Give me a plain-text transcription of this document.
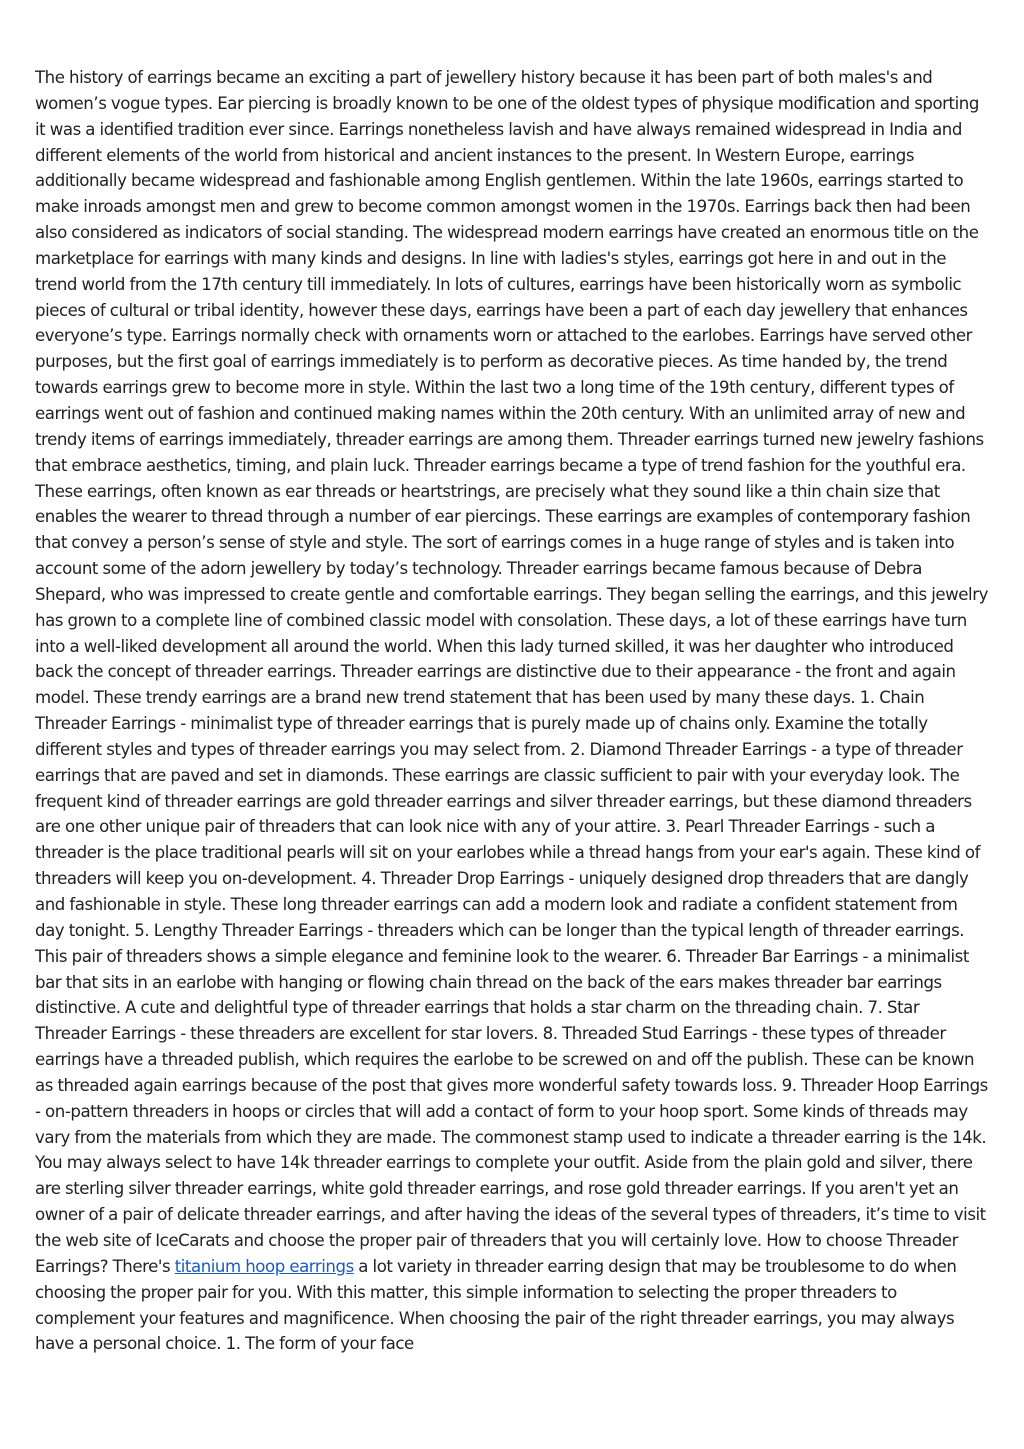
The history of earrings became an exciting a part of jewellery history because it has been part of both males's and women’s vogue types. Ear piercing is broadly known to be one of the oldest types of physique modification and sporting it was a identified tradition ever since. Earrings nonetheless lavish and have always remained widespread in India and different elements of the world from historical and ancient instances to the present. In Western Europe, earrings additionally became widespread and fashionable among English gentlemen. Within the late 1960s, earrings started to make inroads amongst men and grew to become common amongst women in the 1970s. Earrings back then had been also considered as indicators of social standing. The widespread modern earrings have created an enormous title on the marketplace for earrings with many kinds and designs. In line with ladies's styles, earrings got here in and out in the trend world from the 17th century till immediately. In lots of cultures, earrings have been historically worn as symbolic pieces of cultural or tribal identity, however these days, earrings have been a part of each day jewellery that enhances everyone’s type. Earrings normally check with ornaments worn or attached to the earlobes. Earrings have served other purposes, but the first goal of earrings immediately is to perform as decorative pieces. As time handed by, the trend towards earrings grew to become more in style. Within the last two a long time of the 19th century, different types of earrings went out of fashion and continued making names within the 20th century. With an unlimited array of new and trendy items of earrings immediately, threader earrings are among them. Threader earrings turned new jewelry fashions that embrace aesthetics, timing, and plain luck. Threader earrings became a type of trend fashion for the youthful era. These earrings, often known as ear threads or heartstrings, are precisely what they sound like a thin chain size that enables the wearer to thread through a number of ear piercings. These earrings are examples of contemporary fashion that convey a person’s sense of style and style. The sort of earrings comes in a huge range of styles and is taken into account some of the adorn jewellery by today’s technology. Threader earrings became famous because of Debra Shepard, who was impressed to create gentle and comfortable earrings. They began selling the earrings, and this jewelry has grown to a complete line of combined classic model with consolation. These days, a lot of these earrings have turn into a well-liked development all around the world. When this lady turned skilled, it was her daughter who introduced back the concept of threader earrings. Threader earrings are distinctive due to their appearance - the front and again model. These trendy earrings are a brand new trend statement that has been used by many these days. 1. Chain Threader Earrings - minimalist type of threader earrings that is purely made up of chains only. Examine the totally different styles and types of threader earrings you may select from. 2. Diamond Threader Earrings - a type of threader earrings that are paved and set in diamonds. These earrings are classic sufficient to pair with your everyday look. The frequent kind of threader earrings are gold threader earrings and silver threader earrings, but these diamond threaders are one other unique pair of threaders that can look nice with any of your attire. 3. Pearl Threader Earrings - such a threader is the place traditional pearls will sit on your earlobes while a thread hangs from your ear's again. These kind of threaders will keep you on-development. 4. Threader Drop Earrings - uniquely designed drop threaders that are dangly and fashionable in style. These long threader earrings can add a modern look and radiate a confident statement from day tonight. 5. Lengthy Threader Earrings - threaders which can be longer than the typical length of threader earrings. This pair of threaders shows a simple elegance and feminine look to the wearer. 6. Threader Bar Earrings - a minimalist bar that sits in an earlobe with hanging or flowing chain thread on the back of the ears makes threader bar earrings distinctive. A cute and delightful type of threader earrings that holds a star charm on the threading chain. 7. Star Threader Earrings - these threaders are excellent for star lovers. 8. Threaded Stud Earrings - these types of threader earrings have a threaded publish, which requires the earlobe to be screwed on and off the publish. These can be known as threaded again earrings because of the post that gives more wonderful safety towards loss. 9. Threader Hoop Earrings - on-pattern threaders in hoops or circles that will add a contact of form to your hoop sport. Some kinds of threads may vary from the materials from which they are made. The commonest stamp used to indicate a threader earring is the 14k. You may always select to have 14k threader earrings to complete your outfit. Aside from the plain gold and silver, there are sterling silver threader earrings, white gold threader earrings, and rose gold threader earrings. If you aren't yet an owner of a pair of delicate threader earrings, and after having the ideas of the several types of threaders, it’s time to visit the web site of IceCarats and choose the proper pair of threaders that you will certainly love. How to choose Threader Earrings? There's titanium hoop earrings a lot variety in threader earring design that may be troublesome to do when choosing the proper pair for you. With this matter, this simple information to selecting the proper threaders to complement your features and magnificence. When choosing the pair of the right threader earrings, you may always have a personal choice. 1. The form of your face
